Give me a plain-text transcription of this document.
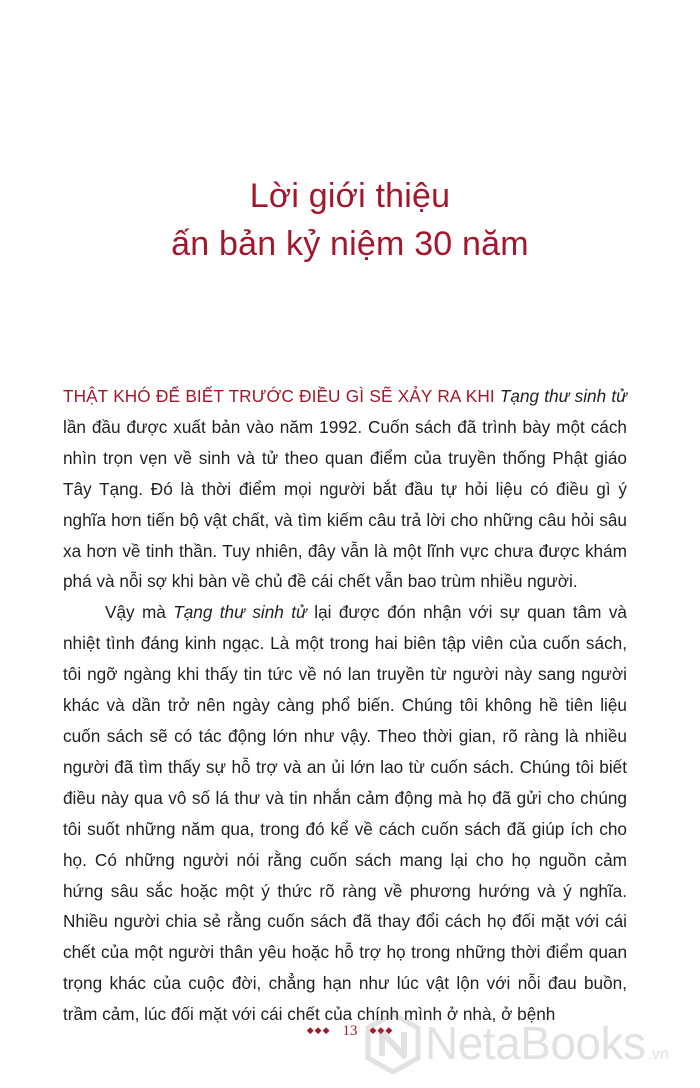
Lời giới thiệu
ấn bản kỷ niệm 30 năm

THẬT KHÓ ĐỂ BIẾT TRƯỚC ĐIỀU GÌ SẼ XẢY RA KHI Tạng thư sinh tử lần đầu được xuất bản vào năm 1992. Cuốn sách đã trình bày một cách nhìn trọn vẹn về sinh và tử theo quan điểm của truyền thống Phật giáo Tây Tạng. Đó là thời điểm mọi người bắt đầu tự hỏi liệu có điều gì ý nghĩa hơn tiến bộ vật chất, và tìm kiếm câu trả lời cho những câu hỏi sâu xa hơn về tinh thần. Tuy nhiên, đây vẫn là một lĩnh vực chưa được khám phá và nỗi sợ khi bàn về chủ đề cái chết vẫn bao trùm nhiều người.

Vậy mà Tạng thư sinh tử lại được đón nhận với sự quan tâm và nhiệt tình đáng kinh ngạc. Là một trong hai biên tập viên của cuốn sách, tôi ngỡ ngàng khi thấy tin tức về nó lan truyền từ người này sang người khác và dần trở nên ngày càng phổ biến. Chúng tôi không hề tiên liệu cuốn sách sẽ có tác động lớn như vậy. Theo thời gian, rõ ràng là nhiều người đã tìm thấy sự hỗ trợ và an ủi lớn lao từ cuốn sách. Chúng tôi biết điều này qua vô số lá thư và tin nhắn cảm động mà họ đã gửi cho chúng tôi suốt những năm qua, trong đó kể về cách cuốn sách đã giúp ích cho họ. Có những người nói rằng cuốn sách mang lại cho họ nguồn cảm hứng sâu sắc hoặc một ý thức rõ ràng về phương hướng và ý nghĩa. Nhiều người chia sẻ rằng cuốn sách đã thay đổi cách họ đối mặt với cái chết của một người thân yêu hoặc hỗ trợ họ trong những thời điểm quan trọng khác của cuộc đời, chẳng hạn như lúc vật lộn với nỗi đau buồn, trầm cảm, lúc đối mặt với cái chết của chính mình ở nhà, ở bệnh

◆◆◆ 13 ◆◆◆ NetaBooks .vn
